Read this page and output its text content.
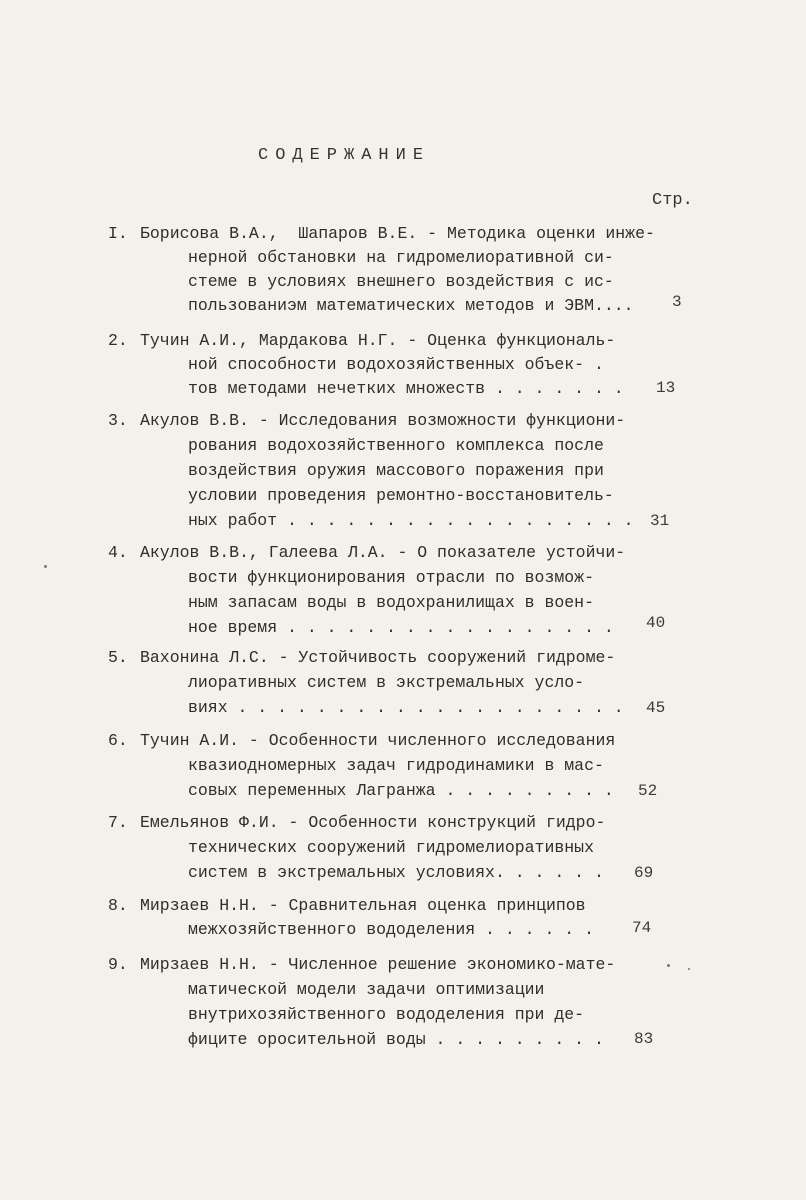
СОДЕРЖАНИЕ
Стр.
I. Борисова В.А.,  Шапаров В.Е. - Методика оценки инже-
нерной обстановки на гидромелиоративной си-
стеме в условиях внешнего воздействия с ис-
пользованиэм математических методов и ЭВМ.... 3
2. Тучин А.И., Мардакова Н.Г. - Оценка функциональ-
ной способности водохозяйственных объек- .
тов методами нечетких множеств . . . . . . . 13
3. Акулов В.В. - Исследования возможности функциони-
рования водохозяйственного комплекса после
воздействия оружия массового поражения при
условии проведения ремонтно-восстановитель-
ных работ . . . . . . . . . . . . . . . . . . 31
4. Акулов В.В., Галеева Л.А. - О показателе устойчи-
вости функционирования отрасли по возмож-
ным запасам воды в водохранилищах в воен-
ное время . . . . . . . . . . . . . . . . . 40
5. Вахонина Л.С. - Устойчивость сооружений гидроме-
лиоративных систем в экстремальных усло-
виях . . . . . . . . . . . . . . . . . . . . 45
6. Тучин А.И. - Особенности численного исследования
квазиодномерных задач гидродинамики в мас-
совых переменных Лагранжа . . . . . . . . . 52
7. Емельянов Ф.И. - Особенности конструкций гидро-
технических сооружений гидромелиоративных
систем в экстремальных условиях. . . . . . 69
8. Мирзаев Н.Н. - Сравнительная оценка принципов
межхозяйственного вододеления . . . . . . 74
9. Мирзаев Н.Н. - Численное решение экономико-мате-
матической модели задачи оптимизации
внутрихозяйственного вододеления при де-
фиците оросительной воды . . . . . . . . . 83
